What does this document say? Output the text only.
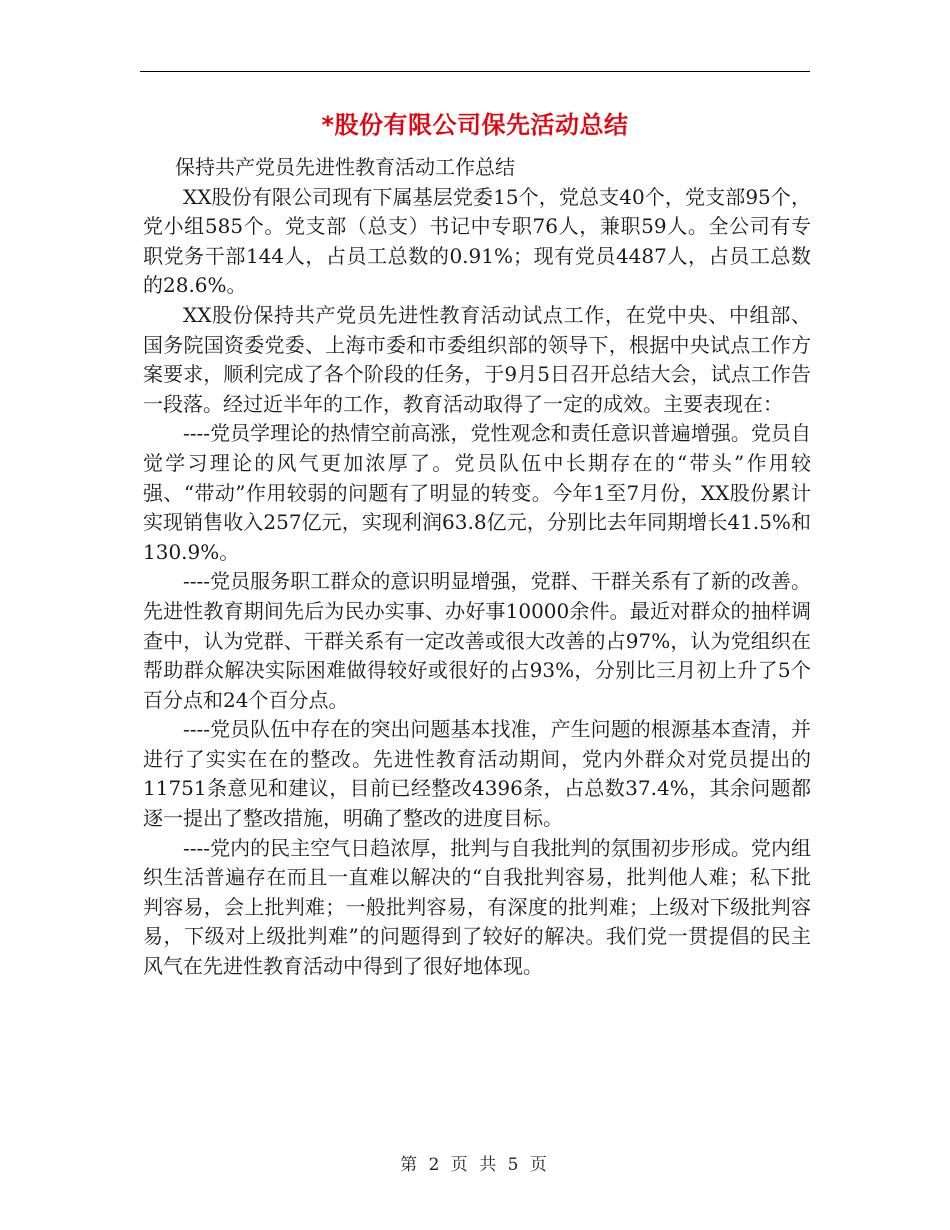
*股份有限公司保先活动总结

保持共产党员先进性教育活动工作总结

XX股份有限公司现有下属基层党委15个，党总支40个，党支部95个，党小组585个。党支部（总支）书记中专职76人，兼职59人。全公司有专职党务干部144人，占员工总数的0.91%；现有党员4487人，占员工总数的28.6%。

XX股份保持共产党员先进性教育活动试点工作，在党中央、中组部、国务院国资委党委、上海市委和市委组织部的领导下，根据中央试点工作方案要求，顺利完成了各个阶段的任务，于9月5日召开总结大会，试点工作告一段落。经过近半年的工作，教育活动取得了一定的成效。主要表现在：

----党员学理论的热情空前高涨，党性观念和责任意识普遍增强。党员自觉学习理论的风气更加浓厚了。党员队伍中长期存在的“带头”作用较强、“带动”作用较弱的问题有了明显的转变。今年1至7月份，XX股份累计实现销售收入257亿元，实现利润63.8亿元，分别比去年同期增长41.5%和130.9%。

----党员服务职工群众的意识明显增强，党群、干群关系有了新的改善。先进性教育期间先后为民办实事、办好事10000余件。最近对群众的抽样调查中，认为党群、干群关系有一定改善或很大改善的占97%，认为党组织在帮助群众解决实际困难做得较好或很好的占93%，分别比三月初上升了5个百分点和24个百分点。

----党员队伍中存在的突出问题基本找准，产生问题的根源基本查清，并进行了实实在在的整改。先进性教育活动期间，党内外群众对党员提出的11751条意见和建议，目前已经整改4396条，占总数37.4%，其余问题都逐一提出了整改措施，明确了整改的进度目标。

----党内的民主空气日趋浓厚，批判与自我批判的氛围初步形成。党内组织生活普遍存在而且一直难以解决的“自我批判容易，批判他人难；私下批判容易，会上批判难；一般批判容易，有深度的批判难；上级对下级批判容易，下级对上级批判难”的问题得到了较好的解决。我们党一贯提倡的民主风气在先进性教育活动中得到了很好地体现。

第 2 页 共 5 页
